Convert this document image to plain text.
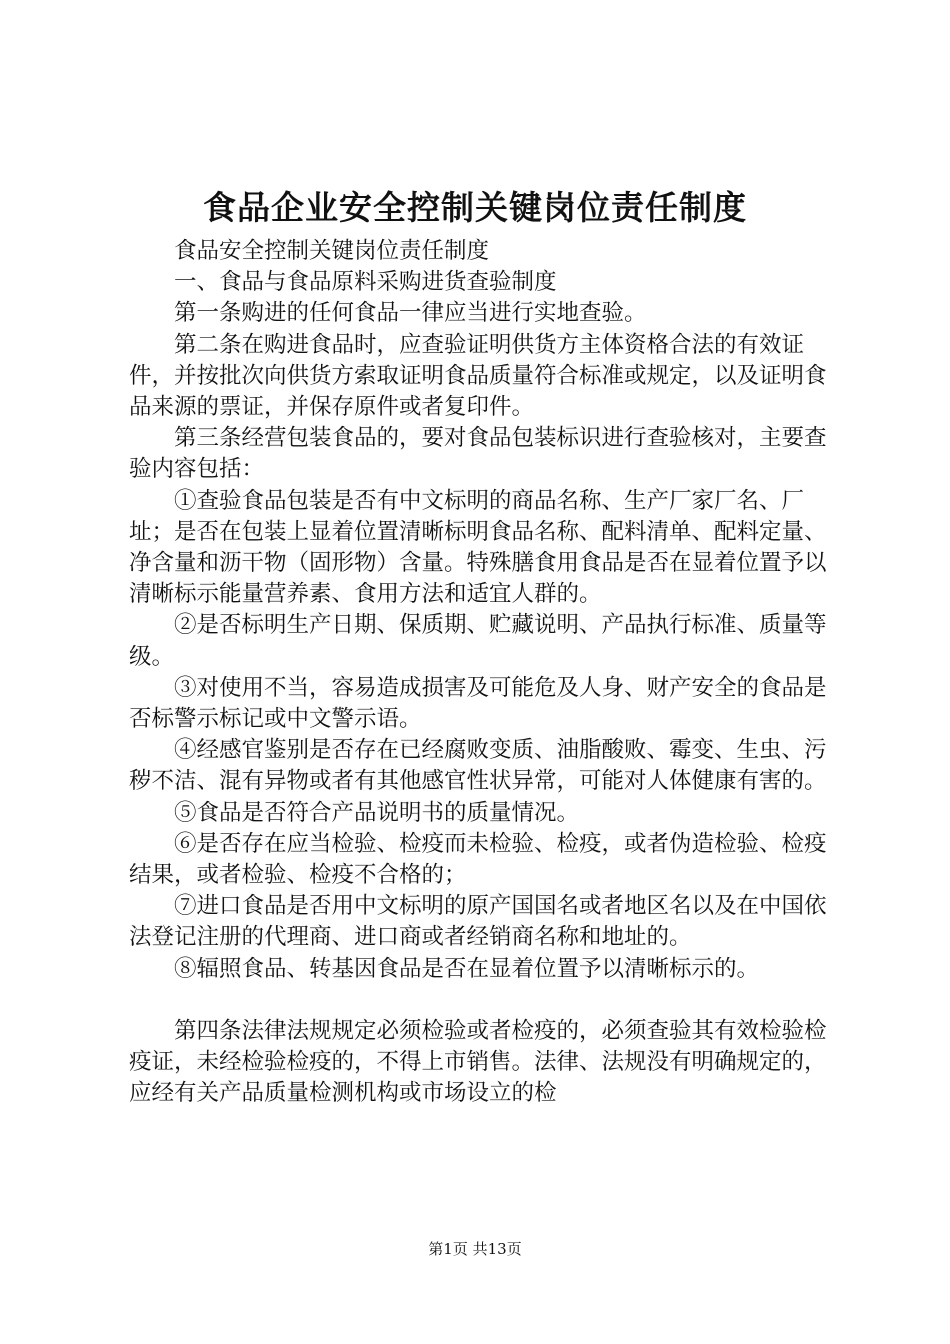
食品企业安全控制关键岗位责任制度

食品安全控制关键岗位责任制度

一、食品与食品原料采购进货查验制度

第一条购进的任何食品一律应当进行实地查验。

第二条在购进食品时，应查验证明供货方主体资格合法的有效证件，并按批次向供货方索取证明食品质量符合标准或规定，以及证明食品来源的票证，并保存原件或者复印件。

第三条经营包装食品的，要对食品包装标识进行查验核对，主要查验内容包括：

①查验食品包装是否有中文标明的商品名称、生产厂家厂名、厂址；是否在包装上显着位置清晰标明食品名称、配料清单、配料定量、净含量和沥干物（固形物）含量。特殊膳食用食品是否在显着位置予以清晰标示能量营养素、食用方法和适宜人群的。

②是否标明生产日期、保质期、贮藏说明、产品执行标准、质量等级。

③对使用不当，容易造成损害及可能危及人身、财产安全的食品是否标警示标记或中文警示语。

④经感官鉴别是否存在已经腐败变质、油脂酸败、霉变、生虫、污秽不洁、混有异物或者有其他感官性状异常，可能对人体健康有害的。

⑤食品是否符合产品说明书的质量情况。

⑥是否存在应当检验、检疫而未检验、检疫，或者伪造检验、检疫结果，或者检验、检疫不合格的；

⑦进口食品是否用中文标明的原产国国名或者地区名以及在中国依法登记注册的代理商、进口商或者经销商名称和地址的。

⑧辐照食品、转基因食品是否在显着位置予以清晰标示的。

第四条法律法规规定必须检验或者检疫的，必须查验其有效检验检疫证，未经检验检疫的，不得上市销售。法律、法规没有明确规定的，应经有关产品质量检测机构或市场设立的检

第1页 共13页
